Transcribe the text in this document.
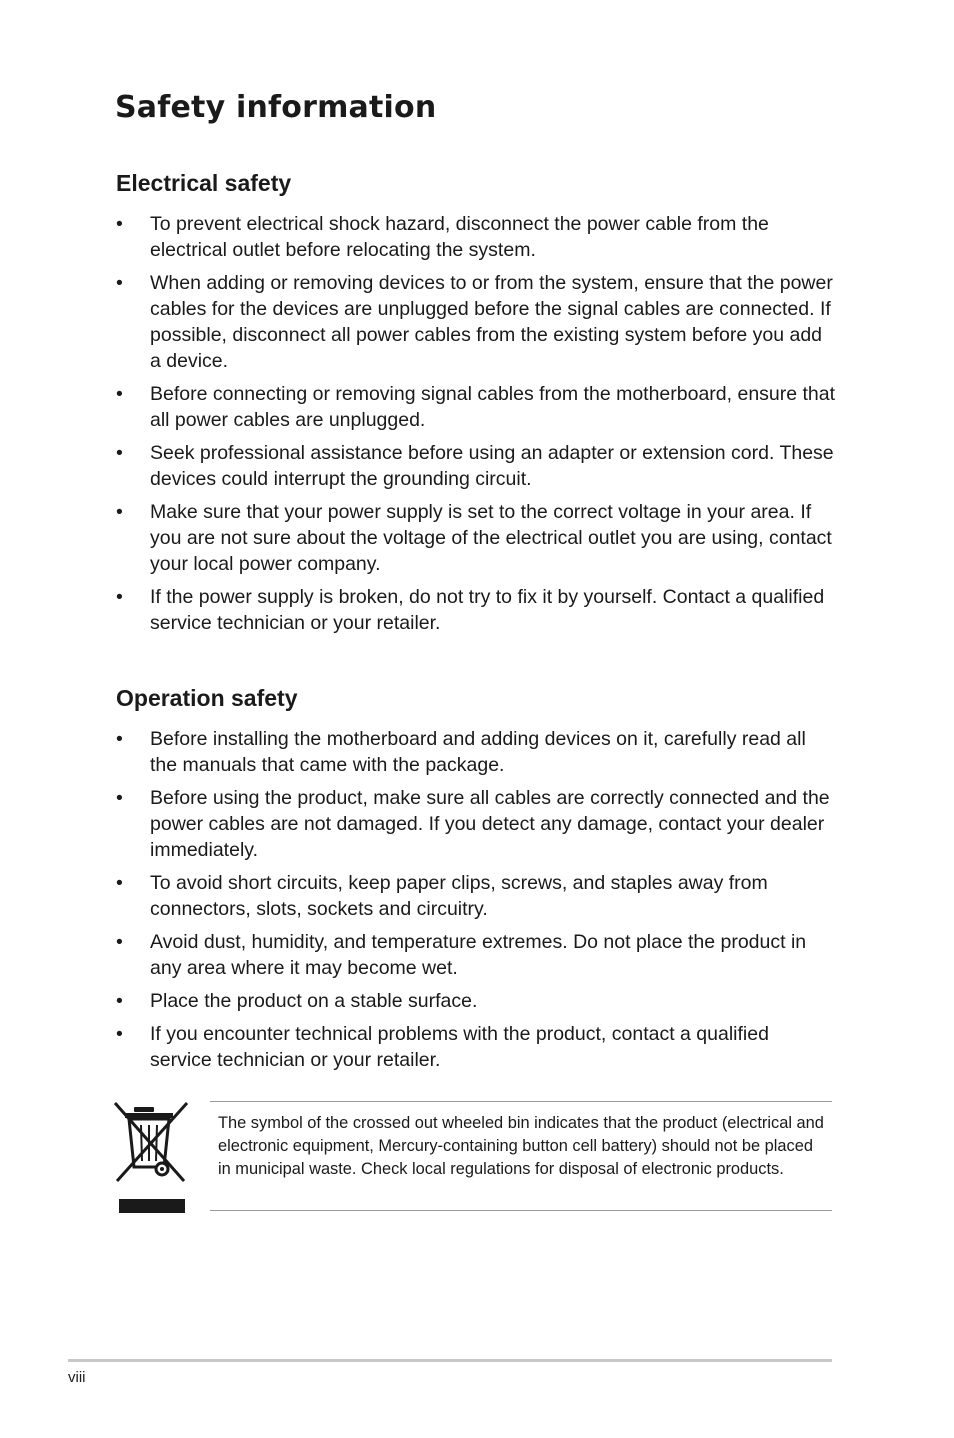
Safety information
Electrical safety
• To prevent electrical shock hazard, disconnect the power cable from the electrical outlet before relocating the system.
• When adding or removing devices to or from the system, ensure that the power cables for the devices are unplugged before the signal cables are connected. If possible, disconnect all power cables from the existing system before you add a device.
• Before connecting or removing signal cables from the motherboard, ensure that all power cables are unplugged.
• Seek professional assistance before using an adapter or extension cord. These devices could interrupt the grounding circuit.
• Make sure that your power supply is set to the correct voltage in your area. If you are not sure about the voltage of the electrical outlet you are using, contact your local power company.
• If the power supply is broken, do not try to fix it by yourself. Contact a qualified service technician or your retailer.
Operation safety
• Before installing the motherboard and adding devices on it, carefully read all the manuals that came with the package.
• Before using the product, make sure all cables are correctly connected and the power cables are not damaged. If you detect any damage, contact your dealer immediately.
• To avoid short circuits, keep paper clips, screws, and staples away from connectors, slots, sockets and circuitry.
• Avoid dust, humidity, and temperature extremes. Do not place the product in any area where it may become wet.
• Place the product on a stable surface.
• If you encounter technical problems with the product, contact a qualified service technician or your retailer.

The symbol of the crossed out wheeled bin indicates that the product (electrical and electronic equipment, Mercury-containing button cell battery) should not be placed in municipal waste. Check local regulations for disposal of electronic products.

viii
